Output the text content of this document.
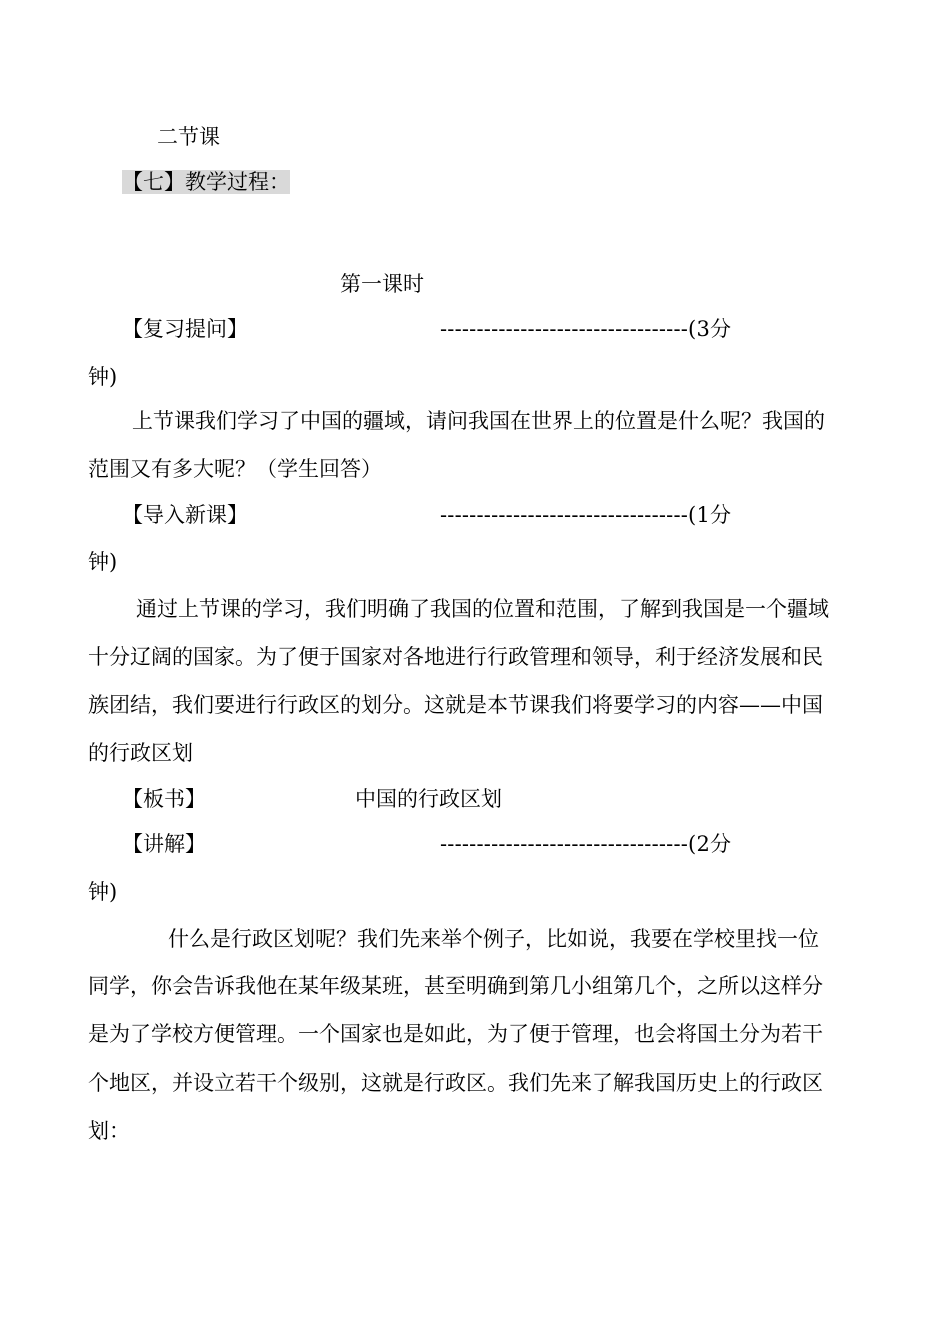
二节课
【七】教学过程：
第一课时
【复习提问】	----------------------------------(3分
钟)
上节课我们学习了中国的疆域，请问我国在世界上的位置是什么呢？我国的
范围又有多大呢？（学生回答）
【导入新课】	----------------------------------(1分
钟)
通过上节课的学习，我们明确了我国的位置和范围，了解到我国是一个疆域
十分辽阔的国家。为了便于国家对各地进行行政管理和领导，利于经济发展和民
族团结，我们要进行行政区的划分。这就是本节课我们将要学习的内容——中国
的行政区划
【板书】	中国的行政区划
【讲解】	----------------------------------(2分
钟)
什么是行政区划呢？我们先来举个例子，比如说，我要在学校里找一位
同学，你会告诉我他在某年级某班，甚至明确到第几小组第几个，之所以这样分
是为了学校方便管理。一个国家也是如此，为了便于管理，也会将国土分为若干
个地区，并设立若干个级别，这就是行政区。我们先来了解我国历史上的行政区
划：
